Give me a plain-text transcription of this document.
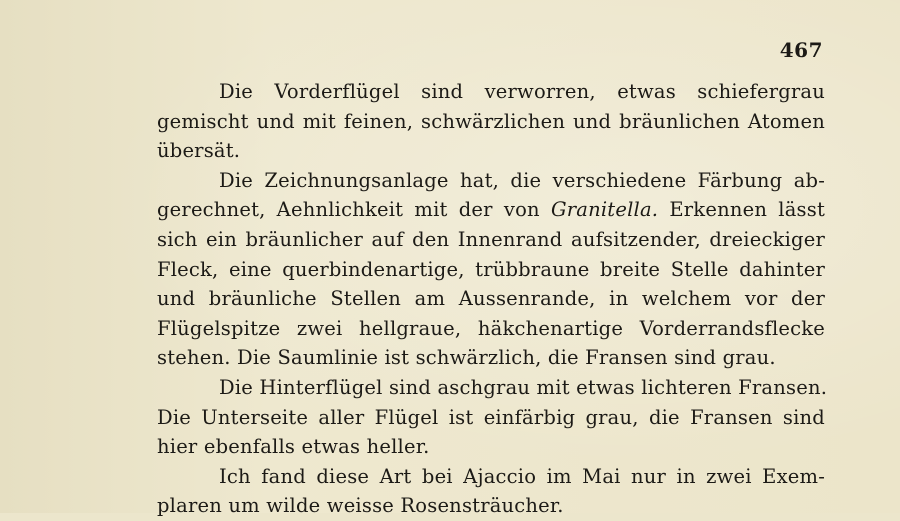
467
Die Vorderflügel sind verworren, etwas schiefergrau
gemischt und mit feinen, schwärzlichen und bräunlichen Atomen
übersät.
Die Zeichnungsanlage hat, die verschiedene Färbung ab-
gerechnet, Aehnlichkeit mit der von Granitella. Erkennen lässt
sich ein bräunlicher auf den Innenrand aufsitzender, dreieckiger
Fleck, eine querbindenartige, trübbraune breite Stelle dahinter
und bräunliche Stellen am Aussenrande, in welchem vor der
Flügelspitze zwei hellgraue, häkchenartige Vorderrandsflecke
stehen. Die Saumlinie ist schwärzlich, die Fransen sind grau.
Die Hinterflügel sind aschgrau mit etwas lichteren Fransen.
Die Unterseite aller Flügel ist einfärbig grau, die Fransen sind
hier ebenfalls etwas heller.
Ich fand diese Art bei Ajaccio im Mai nur in zwei Exem-
plaren um wilde weisse Rosensträucher.
